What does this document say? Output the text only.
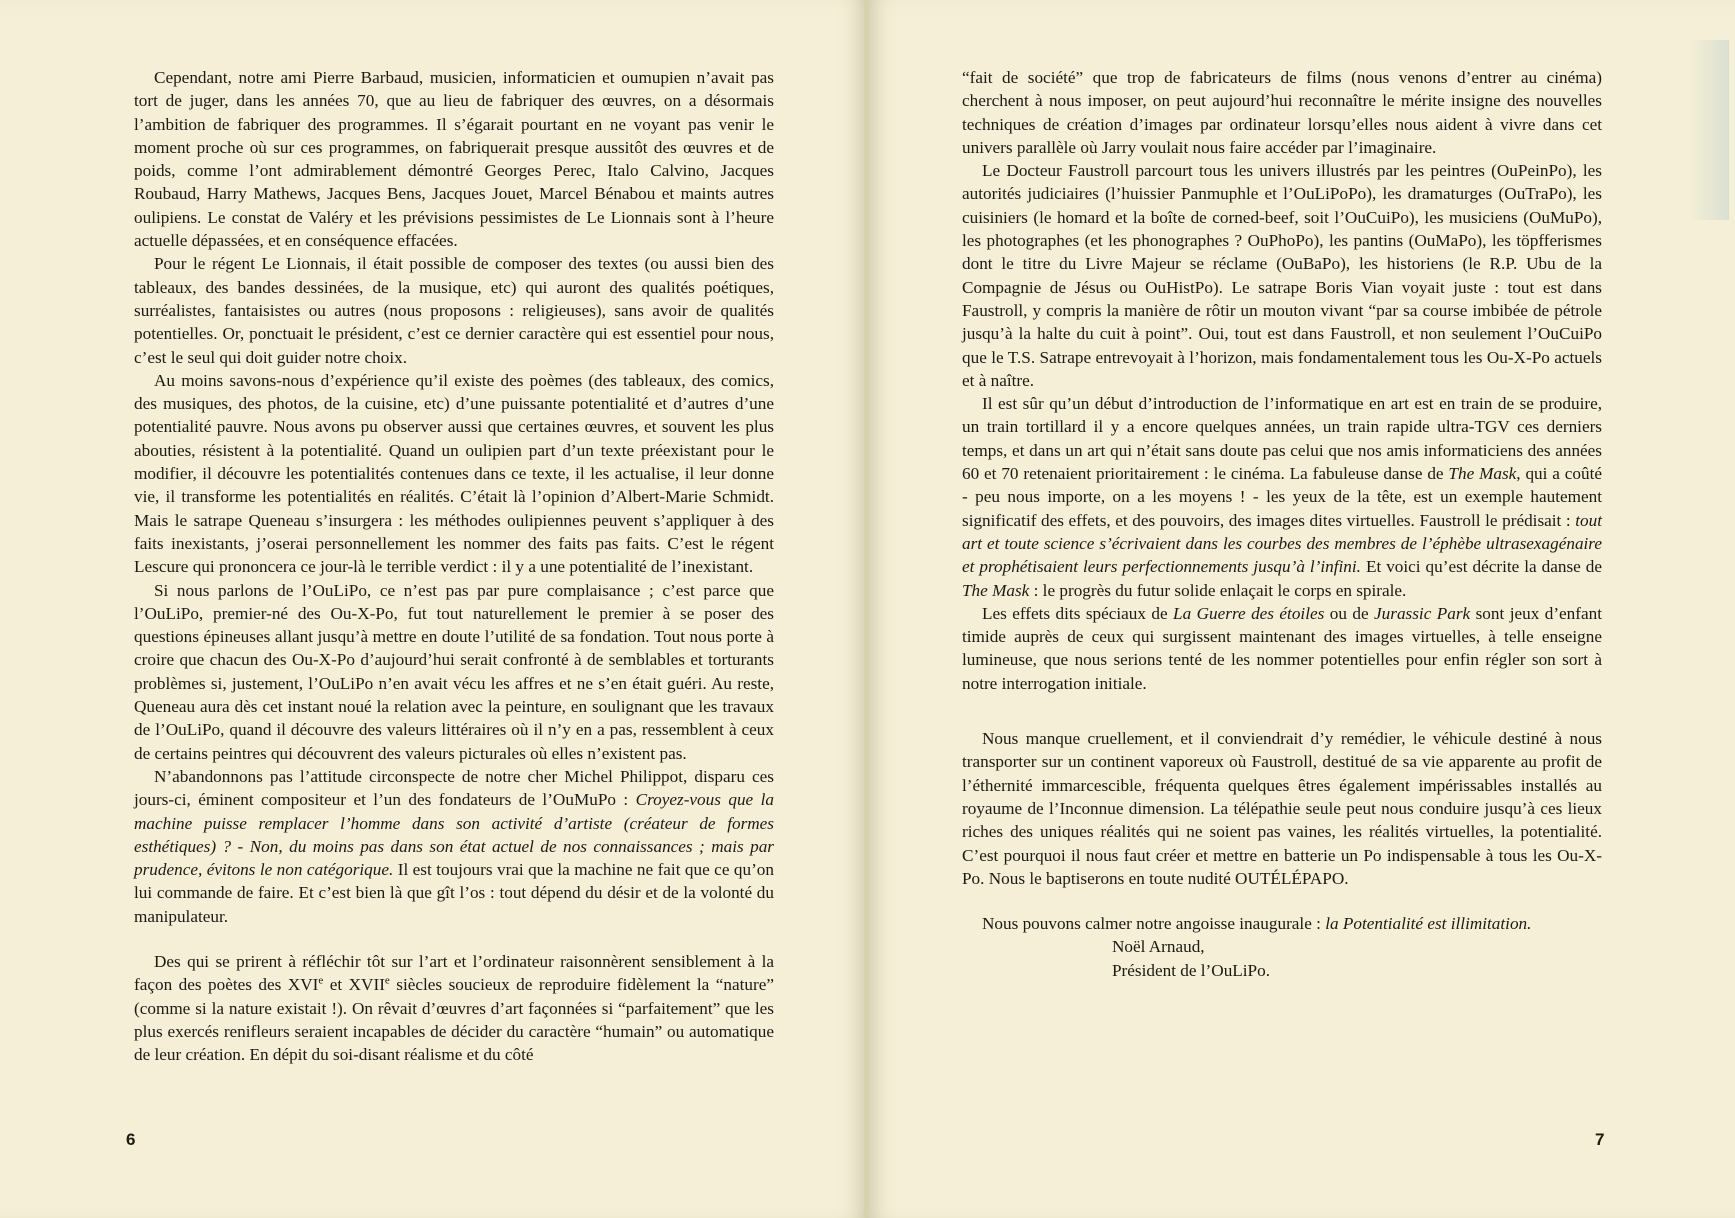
Cependant, notre ami Pierre Barbaud, musicien, informaticien et oumupien n’avait pas tort de juger, dans les années 70, que au lieu de fabriquer des œuvres, on a désormais l’ambition de fabriquer des programmes. Il s’égarait pourtant en ne voyant pas venir le moment proche où sur ces programmes, on fabriquerait presque aussitôt des œuvres et de poids, comme l’ont admirablement démontré Georges Perec, Italo Calvino, Jacques Roubaud, Harry Mathews, Jacques Bens, Jacques Jouet, Marcel Bénabou et maints autres oulipiens. Le constat de Valéry et les prévisions pessimistes de Le Lionnais sont à l’heure actuelle dépassées, et en conséquence effacées.

Pour le régent Le Lionnais, il était possible de composer des textes (ou aussi bien des tableaux, des bandes dessinées, de la musique, etc) qui auront des qualités poétiques, surréalistes, fantaisistes ou autres (nous proposons : religieuses), sans avoir de qualités potentielles. Or, ponctuait le président, c’est ce dernier caractère qui est essentiel pour nous, c’est le seul qui doit guider notre choix.

Au moins savons-nous d’expérience qu’il existe des poèmes (des tableaux, des comics, des musiques, des photos, de la cuisine, etc) d’une puissante potentialité et d’autres d’une potentialité pauvre. Nous avons pu observer aussi que certaines œuvres, et souvent les plus abouties, résistent à la potentialité. Quand un oulipien part d’un texte préexistant pour le modifier, il découvre les potentialités contenues dans ce texte, il les actualise, il leur donne vie, il transforme les potentialités en réalités. C’était là l’opinion d’Albert-Marie Schmidt. Mais le satrape Queneau s’insurgera : les méthodes oulipiennes peuvent s’appliquer à des faits inexistants, j’oserai personnellement les nommer des faits pas faits. C’est le régent Lescure qui prononcera ce jour-là le terrible verdict : il y a une potentialité de l’inexistant.

Si nous parlons de l’OuLiPo, ce n’est pas par pure complaisance ; c’est parce que l’OuLiPo, premier-né des Ou-X-Po, fut tout naturellement le premier à se poser des questions épineuses allant jusqu’à mettre en doute l’utilité de sa fondation. Tout nous porte à croire que chacun des Ou-X-Po d’aujourd’hui serait confronté à de semblables et torturants problèmes si, justement, l’OuLiPo n’en avait vécu les affres et ne s’en était guéri. Au reste, Queneau aura dès cet instant noué la relation avec la peinture, en soulignant que les travaux de l’OuLiPo, quand il découvre des valeurs littéraires où il n’y en a pas, ressemblent à ceux de certains peintres qui découvrent des valeurs picturales où elles n’existent pas.

N’abandonnons pas l’attitude circonspecte de notre cher Michel Philippot, disparu ces jours-ci, éminent compositeur et l’un des fondateurs de l’OuMuPo : Croyez-vous que la machine puisse remplacer l’homme dans son activité d’artiste (créateur de formes esthétiques) ? - Non, du moins pas dans son état actuel de nos connaissances ; mais par prudence, évitons le non catégorique. Il est toujours vrai que la machine ne fait que ce qu’on lui commande de faire. Et c’est bien là que gît l’os : tout dépend du désir et de la volonté du manipulateur.

Des qui se prirent à réfléchir tôt sur l’art et l’ordinateur raisonnèrent sensiblement à la façon des poètes des XVIe et XVIIe siècles soucieux de reproduire fidèlement la “nature” (comme si la nature existait !). On rêvait d’œuvres d’art façonnées si “parfaitement” que les plus exercés renifleurs seraient incapables de décider du caractère “humain” ou automatique de leur création. En dépit du soi-disant réalisme et du côté

6

“fait de société” que trop de fabricateurs de films (nous venons d’entrer au cinéma) cherchent à nous imposer, on peut aujourd’hui reconnaître le mérite insigne des nouvelles techniques de création d’images par ordinateur lorsqu’elles nous aident à vivre dans cet univers parallèle où Jarry voulait nous faire accéder par l’imaginaire.

Le Docteur Faustroll parcourt tous les univers illustrés par les peintres (OuPeinPo), les autorités judiciaires (l’huissier Panmuphle et l’OuLiPoPo), les dramaturges (OuTraPo), les cuisiniers (le homard et la boîte de corned-beef, soit l’OuCuiPo), les musiciens (OuMuPo), les photographes (et les phonographes ? OuPhoPo), les pantins (OuMaPo), les töpfferismes dont le titre du Livre Majeur se réclame (OuBaPo), les historiens (le R.P. Ubu de la Compagnie de Jésus ou OuHistPo). Le satrape Boris Vian voyait juste : tout est dans Faustroll, y compris la manière de rôtir un mouton vivant “par sa course imbibée de pétrole jusqu’à la halte du cuit à point”. Oui, tout est dans Faustroll, et non seulement l’OuCuiPo que le T.S. Satrape entrevoyait à l’horizon, mais fondamentalement tous les Ou-X-Po actuels et à naître.

Il est sûr qu’un début d’introduction de l’informatique en art est en train de se produire, un train tortillard il y a encore quelques années, un train rapide ultra-TGV ces derniers temps, et dans un art qui n’était sans doute pas celui que nos amis informaticiens des années 60 et 70 retenaient prioritairement : le cinéma. La fabuleuse danse de The Mask, qui a coûté - peu nous importe, on a les moyens ! - les yeux de la tête, est un exemple hautement significatif des effets, et des pouvoirs, des images dites virtuelles. Faustroll le prédisait : tout art et toute science s’écrivaient dans les courbes des membres de l’éphèbe ultrasexagénaire et prophétisaient leurs perfectionnements jusqu’à l’infini. Et voici qu’est décrite la danse de The Mask : le progrès du futur solide enlaçait le corps en spirale.

Les effets dits spéciaux de La Guerre des étoiles ou de Jurassic Park sont jeux d’enfant timide auprès de ceux qui surgissent maintenant des images virtuelles, à telle enseigne lumineuse, que nous serions tenté de les nommer potentielles pour enfin régler son sort à notre interrogation initiale.

Nous manque cruellement, et il conviendrait d’y remédier, le véhicule destiné à nous transporter sur un continent vaporeux où Faustroll, destitué de sa vie apparente au profit de l’éthernité immarcescible, fréquenta quelques êtres également impérissables installés au royaume de l’Inconnue dimension. La télépathie seule peut nous conduire jusqu’à ces lieux riches des uniques réalités qui ne soient pas vaines, les réalités virtuelles, la potentialité. C’est pourquoi il nous faut créer et mettre en batterie un Po indispensable à tous les Ou-X-Po. Nous le baptiserons en toute nudité OUTÉLÉPAPO.

Nous pouvons calmer notre angoisse inaugurale : la Potentialité est illimitation.

Noël Arnaud,
Président de l’OuLiPo.

7
